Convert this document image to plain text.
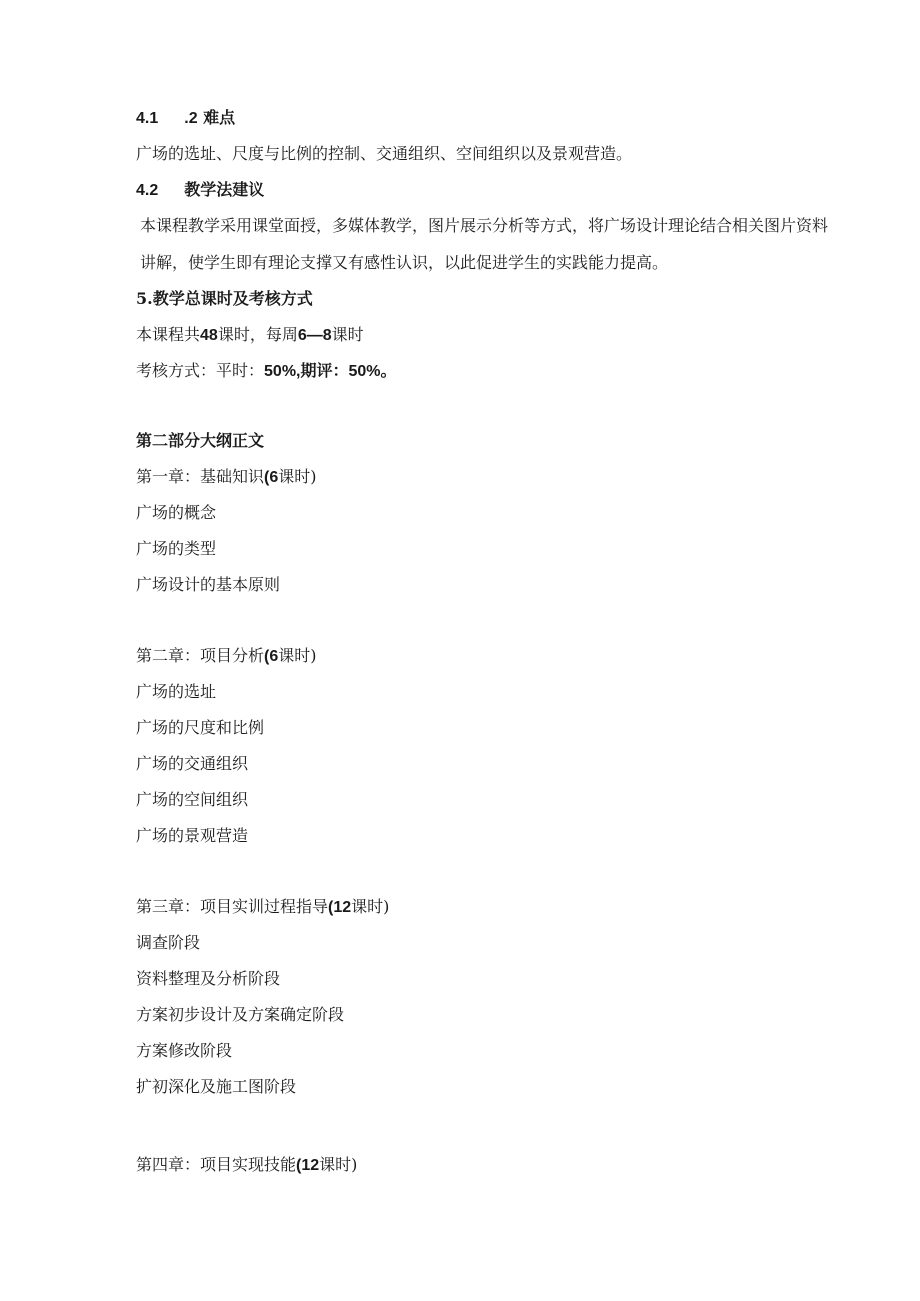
4.1 .2 难点
广场的选址、尺度与比例的控制、交通组织、空间组织以及景观营造。
4.2 教学法建议
本课程教学采用课堂面授，多媒体教学，图片展示分析等方式，将广场设计理论结合相关图片资料讲解，使学生即有理论支撑又有感性认识，以此促进学生的实践能力提高。
5.教学总课时及考核方式
本课程共48课时，每周6—8课时
考核方式：平时：50%,期评：50%。
第二部分大纲正文
第一章：基础知识(6课时)
广场的概念
广场的类型
广场设计的基本原则
第二章：项目分析(6课时)
广场的选址
广场的尺度和比例
广场的交通组织
广场的空间组织
广场的景观营造
第三章：项目实训过程指导(12课时)
调查阶段
资料整理及分析阶段
方案初步设计及方案确定阶段
方案修改阶段
扩初深化及施工图阶段
第四章：项目实现技能(12课时)
